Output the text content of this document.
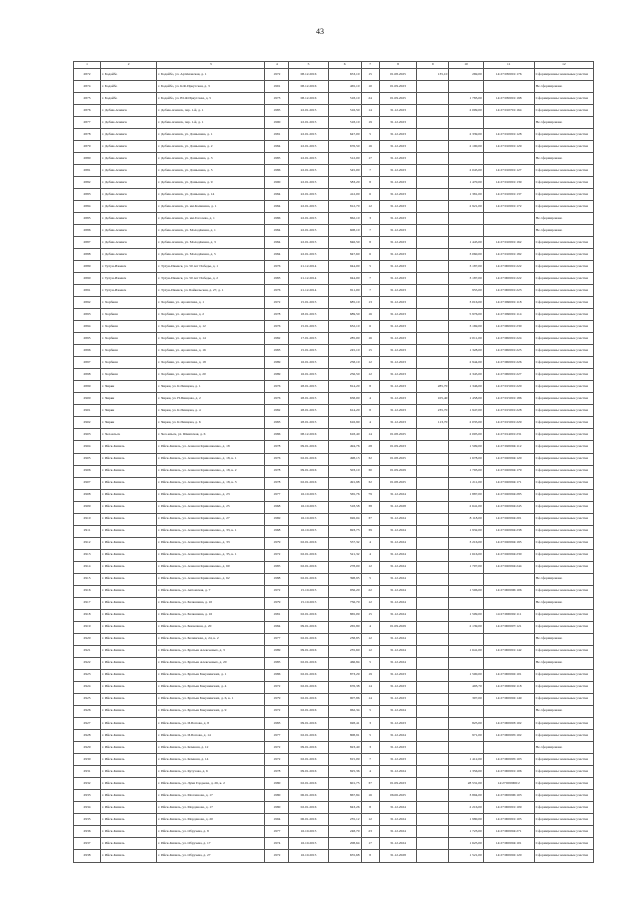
43
1	2	3	4	5	6	7	8	9	10	11	12
2872	г. Бодайбо	г. Бодайбо, ул. Артёмовская, д. 1	1972	08.12.2016	653,10	15	01.08.2025	135,10	269,00	14:27:030001:176	Сформированы земельные участки
2874	г. Бодайбо	г. Бодайбо, ул. К.Ф.Иркутская, д. 3	1991	08.12.2016	465,10	10	01.09.2023				Не сформировано
2875	г. Бодайбо	г. Бодайбо, ул. Ю.Ф.Иркутская, д. 5	1973	08.12.2016	518,10	24	01.09.2025		1 783,00	14:27:030001:198	Сформированы земельные участки
2876	г. Дебин-Ачинск	г. Дебин-Ачинск, пер. 1-й, д. 1	1985	22.01.2015	516,50	14	31.12.2023		2 009,00	14:27:010701:164	Сформированы земельные участки
2877	г. Дебин-Ачинск	г. Дебин-Ачинск, пер. 1-й, д. 1	1990	22.01.2015	518,10	19	31.12.2023				Не сформировано
2878	г. Дебин-Ачинск	г. Дебин-Ачинск, ул. Дашьшева, д. 1	1981	22.01.2015	647,00	5	31.12.2023		2 339,00	14:27:010001:128	Сформированы земельные участки
2879	г. Дебин-Ачинск	г. Дебин-Ачинск, ул. Дашьшева, д. 2	1984	22.01.2015	676,50	16	31.12.2023		2 190,00	14:27:010001:129	Сформированы земельные участки
2880	г. Дебин-Ачинск	г. Дебин-Ачинск, ул. Дашьшева, д. 3	1985	22.01.2015	512,00	17	31.12.2023				Не сформировано
2881	г. Дебин-Ачинск	г. Дебин-Ачинск, ул. Дашьшева, д. 5	1986	22.01.2015	545,00	7	31.12.2023		2 045,00	14:27:010001:127	Сформированы земельные участки
2882	г. Дебин-Ачинск	г. Дебин-Ачинск, ул. Дашьшева, д. 9	1990	22.01.2015	583,20	8	31.12.2023		1 470,00	14:27:010001:139	Сформированы земельные участки
2883	г. Дебин-Ачинск	г. Дебин-Ачинск, ул. Дашьшева, д. 14	1984	22.01.2015	412,00	6	31.12.2023		1 381,00	14:27:010001:137	Сформированы земельные участки
2884	г. Дебин-Ачинск	г. Дебин-Ачинск, ул. им.Калинина, д. 1	1984	22.01.2015	812,70	12	31.12.2023		2 921,00	14:27:010001:172	Сформированы земельные участки
2885	г. Дебин-Ачинск	г. Дебин-Ачинск, ул. им.Гоголева, д. 1	1986	22.01.2015	862,10	3	31.12.2023				Не сформировано
2886	г. Дебин-Ачинск	г. Дебин-Ачинск, ул. Молодёжная, д. 1	1984	22.01.2015	608,10	7	31.12.2023				Не сформировано
2887	г. Дебин-Ачинск	г. Дебин-Ачинск, ул. Молодёжная, д. 3	1984	22.01.2015	846,50	8	31.12.2023		1 445,00	14:27:010001:162	Сформированы земельные участки
2888	г. Дебин-Ачинск	г. Дебин-Ачинск, ул. Молодёжная, д. 5	1984	22.01.2015	847,60	6	31.12.2023		3 060,00	14:27:010001:182	Сформированы земельные участки
2889	г. Тулун-Ижевск	г. Тулун-Ижевск, ул. 50 лет Победы, д. 1	1976	21.12.2014	944,00	5	31.12.2023		3 187,00	14:27:000001:222	Сформированы земельные участки
2890	г. Тулун-Ижевск	г. Тулун-Ижевск, ул. 50 лет Победы, д. 2	1983	21.12.2014	944,00	7	31.12.2023		3 187,00	14:27:000001:222	Сформированы земельные участки
2891	г. Тулун-Ижевск	г. Тулун-Ижевск, ул. Байкальская, д. 27, д. 1	1976	21.12.2014	811,00	7	31.12.2023		955,00	14:27:000001:223	Сформированы земельные участки
2892	г. Хорбиян	г. Хорбиян, ул. Ароматная, д. 1	1972	15.01.2015	685,10	13	31.12.2023		3 016,00	14:27:060001:118	Сформированы земельные участки
2893	г. Хорбиян	г. Хорбиян, ул. Ароматная, д. 2	1978	18.01.2015	689,50	16	31.12.2023		5 976,00	14:27:060001:114	Сформированы земельные участки
2894	г. Хорбиян	г. Хорбиян, ул. Ароматная, д. 12	1976	15.01.2015	632,10	6	31.12.2023		3 169,00	14:27:060001:230	Сформированы земельные участки
2895	г. Хорбиян	г. Хорбиян, ул. Ароматная, д. 14	1982	17.01.2015	285,00	16	31.12.2023		2 011,00	14:27:060001:224	Сформированы земельные участки
2896	г. Хорбиян	г. Хорбиян, ул. Ароматная, д. 16	1983	15.01.2015	245,10	15	31.12.2023		1 328,00	14:27:060001:225	Сформированы земельные участки
2897	г. Хорбиян	г. Хорбиян, ул. Ароматная, д. 18	1989	16.01.2015	258,10	12	31.12.2023		2 944,00	14:27:060001:226	Сформированы земельные участки
2898	г. Хорбиян	г. Хорбиян, ул. Ароматная, д. 20	1989	16.01.2015	256,50	12	31.12.2023		2 345,00	14:27:060001:227	Сформированы земельные участки
2899	г. Чирки	г. Чирки, ул. К.Пинцова, д. 1	1976	28.01.2015	814,20	8	31.12.2023	285,70	1 346,00	14:27:015001:220	Сформированы земельные участки
2900	г. Чирки	г. Чирки, ул. Н.Пинцова, д. 2	1976	28.01.2015	658,00	4	31.12.2023	105,40	1 458,00	14:27:015001:186	Сформированы земельные участки
2901	г. Чирки	г. Чирки, ул. К.Пинцова, д. 4	1982	28.01.2015	614,20	8	31.12.2023	235,70	1 947,00	14:27:015001:228	Сформированы земельные участки
2902	г. Чирки	г. Чирки, ул. К.Пинцова, д. 6	1983	28.01.2015	616,90	4	31.12.2023	113,70	2 035,00	14:27:015001:229	Сформированы земельные участки
2903	г. Чел-ильск	г. Чел-ильск, ул. Шкипская, д. 6	1986	08.12.2016	618,40	14	01.08.2025		2 005,00	14:27:014001:231	Сформированы земельные участки
2904	г. Ийск-Кизиль	г. Ийск-Кизиль, ул. Алексея Кривошеенко, д. 18	1978	09.01.2016	494,76	28	01.09.2023		1 509,00	14:27:020004:112	Сформированы земельные участки
2905	г. Ийск-Кизиль	г. Ийск-Кизиль, ул. Алексея Кривошеенко, д. 18, к. 1	1976	02.01.2016	498,13	32	01.08.2025		1 678,00	14:27:020004:120	Сформированы земельные участки
2906	г. Ийск-Кизиль	г. Ийск-Кизиль, ул. Алексея Кривошеенко, д. 18, к. 2	1978	09.01.2016	503,10	30	01.09.2029		1 793,00	14:27:020004:179	Сформированы земельные участки
2907	г. Ийск-Кизиль	г. Ийск-Кизиль, ул. Алексея Кривошеенко, д. 18, к. 3	1978	02.01.2016	491,98	32	01.08.2025		1 211,00	14:27:020004:171	Сформированы земельные участки
2908	г. Ийск-Кизиль	г. Ийск-Кизиль, ул. Алексея Кривошеенко, д. 23	1977	16.10.2015	565,76	79	31.12.2024		1 887,00	14:27:020004:285	Сформированы земельные участки
2909	г. Ийск-Кизиль	г. Ийск-Кизиль, ул. Алексея Кривошеенко, д. 25	1968	16.10.2015	518,58	38	31.12.2028		2 641,00	14:27:020004:245	Сформированы земельные участки
2910	г. Ийск-Кизиль	г. Ийск-Кизиль, ул. Алексея Кривошеенко, д. 27	1969	16.10.2015	926,04	37	31.12.2024		8 118,00	14:27:020004:201	Сформированы земельные участки
2911	г. Ийск-Кизиль	г. Ийск-Кизиль, ул. Алексея Кривошеенко, д. 33, к. 1	1968	16.10.2015	693,73	39	31.12.2024		1 932,00	14:27:020004:238	Сформированы земельные участки
2912	г. Ийск-Кизиль	г. Ийск-Кизиль, ул. Алексея Кривошеенко, д. 33	1979	02.01.2016	557,32	4	31.12.2024		3 216,00	14:27:020004:195	Сформированы земельные участки
2913	г. Ийск-Кизиль	г. Ийск-Кизиль, ул. Алексея Кривошеенко, д. 35, к. 1	1972	02.01.2016	521,32	4	31.12.2024		1 616,00	14:27:020004:230	Сформированы земельные участки
2914	г. Ийск-Кизиль	г. Ийск-Кизиль, ул. Алексея Кривошеенко, д. 60	1985	02.01.2016	278,00	12	31.12.2024		1 707,00	14:27:020004:244	Сформированы земельные участки
2915	г. Ийск-Кизиль	г. Ийск-Кизиль, ул. Алексея Кривошеенко, д. 62	1988	02.01.2016	398,95	5	31.12.2024				Не сформировано
2916	г. Ийск-Кизиль	г. Ийск-Кизиль, ул. Автомская, д. 7	1972	15.10.2015	956,20	22	31.12.2024		1 506,00	14:27:000006:106	Сформированы земельные участки
2917	г. Ийск-Кизиль	г. Ийск-Кизиль, ул. Балкашева, д. 10	1979	15.10.2015	756,70	12	31.12.2024				Не сформировано
2918	г. Ийск-Кизиль	г. Ийск-Кизиль, ул. Балкашева, д. 16	1981	02.01.2016	865,09	15	31.12.2024		1 509,00	14:27:000002:111	Сформированы земельные участки
2919	г. Ийск-Кизиль	г. Ийск-Кизиль, ул. Бекчечная, д. 20	1984	09.01.2016	265,80	4	01.09.2029		2 139,00	14:27:000007:121	Сформированы земельные участки
2920	г. Ийск-Кизиль	г. Ийск-Кизиль, ул. Белинская, д. 24, к. 2	1977	02.01.2016	238,85	12	31.12.2024				Не сформировано
2921	г. Ийск-Кизиль	г. Ийск-Кизиль, ул. Братьев Алексеевых, д. 3	1989	09.01.2016	235,60	12	31.12.2024		1 641,00	14:27:000001:142	Сформированы земельные участки
2922	г. Ийск-Кизиль	г. Ийск-Кизиль, ул. Братьев Алексеевых, д. 20	1985	02.01.2016	466,84	5	31.12.2024				Не сформировано
2923	г. Ийск-Кизиль	г. Ийск-Кизиль, ул. Братьев Бакунинских, д. 1	1986	02.01.2016	873,29	19	31.12.2023		1 500,00	14:27:000002:101	Сформированы земельные участки
2924	г. Ийск-Кизиль	г. Ийск-Кизиль, ул. Братьев Бакунинских, д. 4	1972	02.01.2016	676,38	14	31.12.2023		493,70	14:27:000002:118	Сформированы земельные участки
2925	г. Ийск-Кизиль	г. Ийск-Кизиль, ул. Братьев Бакунинских, д. 6, к. 1	1979	02.01.2016	907,86	14	31.12.2023		307,00	14:27:000002:149	Сформированы земельные участки
2926	г. Ийск-Кизиль	г. Ийск-Кизиль, ул. Братьев Бакунинских, д. 9	1972	02.01.2016	962,34	5	31.12.2024				Не сформировано
2927	г. Ийск-Кизиль	г. Ийск-Кизиль, ул. И.Попова, д. 8	1983	09.01.2016	928,41	3	31.12.2023		825,00	14:27:000003:102	Сформированы земельные участки
2928	г. Ийск-Кизиль	г. Ийск-Кизиль, ул. И.Попова, д. 14	1977	02.01.2016	808,91	5	31.12.2024		971,00	14:27:000005:102	Сформированы земельные участки
2929	г. Ийск-Кизиль	г. Ийск-Кизиль, ул. Комнаш, д. 12	1972	09.01.2016	823,40	3	31.12.2023				Не сформировано
2930	г. Ийск-Кизиль	г. Ийск-Кизиль, ул. Комнаш, д. 14	1972	02.01.2016	815,09	7	31.12.2023		1 412,00	14:27:000005:103	Сформированы земельные участки
2931	г. Ийск-Кизиль	г. Ийск-Кизиль, ул. Кутузова, д. 6	1978	09.01.2016	825,36	4	31.12.2024		1 356,00	14:27:000001:106	Сформированы земельные участки
2932	г. Ийск-Кизиль	г. Ийск-Кизиль, ул. Луки Гордеева, д. 26, к. 2	1980	02.01.2016	601,75	37	01.09.2023		28 531,00	14:27:000006:2	Сформированы земельные участки
2933	г. Ийск-Кизиль	г. Ийск-Кизиль, ул. Молчанова, д. 17	1980	06.01.2016	867,84	16	06.06.2025		3 894,00	14:27:000006:103	Сформированы земельные участки
2934	г. Ийск-Кизиль	г. Ийск-Кизиль, ул. Морданова, д. 17	1980	02.01.2016	843,26	8	31.12.2024		2 216,00	14:27:000001:109	Сформированы земельные участки
2935	г. Ийск-Кизиль	г. Ийск-Кизиль, ул. Морданова, д. 20	1994	06.01.2016	235,12	12	31.12.2024		1 980,00	14:27:000001:105	Сформированы земельные участки
2936	г. Ийск-Кизиль	г. Ийск-Кизиль, ул. Обручева, д. 8	1977	16.10.2015	248,70	23	31.12.2024		1 723,00	14:27:000004:271	Сформированы земельные участки
2937	г. Ийск-Кизиль	г. Ийск-Кизиль, ул. Обручева, д. 17	1974	16.10.2015	208,64	17	31.12.2024		1 625,00	14:27:000004:101	Сформированы земельные участки
2938	г. Ийск-Кизиль	г. Ийск-Кизиль, ул. Обручева, д. 27	1972	16.10.2015	655,68	8	31.12.2028		1 521,00	14:27:000002:120	Сформированы земельные участки
